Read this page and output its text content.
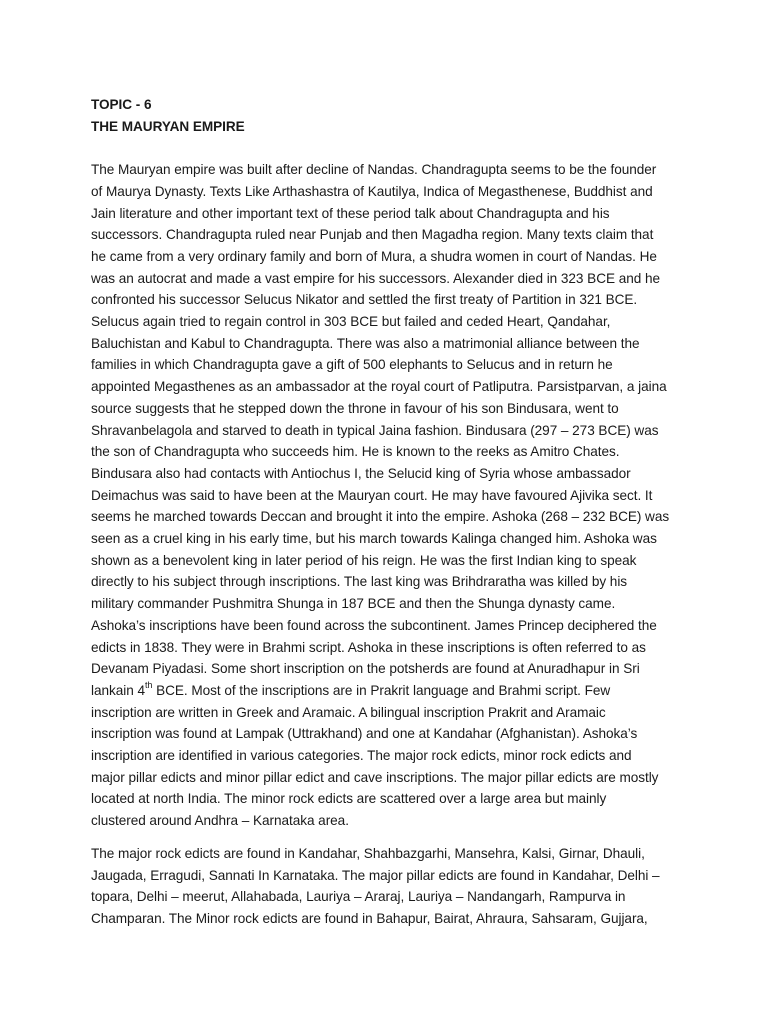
TOPIC - 6

THE MAURYAN EMPIRE

The Mauryan empire was built after decline of Nandas. Chandragupta seems to be the founder
of Maurya Dynasty. Texts Like Arthashastra of Kautilya, Indica of Megasthenese, Buddhist and
Jain literature and other important text of these period talk about Chandragupta and his
successors. Chandragupta ruled near Punjab and then Magadha region. Many texts claim that
he came from a very ordinary family and born of Mura, a shudra women in court of Nandas. He
was an autocrat and made a vast empire for his successors. Alexander died in 323 BCE and he
confronted his successor Selucus Nikator and settled the first treaty of Partition in 321 BCE.
Selucus again tried to regain control in 303 BCE but failed and ceded Heart, Qandahar,
Baluchistan and Kabul to Chandragupta. There was also a matrimonial alliance between the
families in which Chandragupta gave a gift of 500 elephants to Selucus and in return he
appointed Megasthenes as an ambassador at the royal court of Patliputra. Parsistparvan, a jaina
source suggests that he stepped down the throne in favour of his son Bindusara, went to
Shravanbelagola and starved to death in typical Jaina fashion. Bindusara (297 – 273 BCE) was
the son of Chandragupta who succeeds him. He is known to the reeks as Amitro Chates.
Bindusara also had contacts with Antiochus I, the Selucid king of Syria whose ambassador
Deimachus was said to have been at the Mauryan court. He may have favoured Ajivika sect. It
seems he marched towards Deccan and brought it into the empire. Ashoka (268 – 232 BCE) was
seen as a cruel king in his early time, but his march towards Kalinga changed him. Ashoka was
shown as a benevolent king in later period of his reign. He was the first Indian king to speak
directly to his subject through inscriptions. The last king was Brihdraratha was killed by his
military commander Pushmitra Shunga in 187 BCE and then the Shunga dynasty came.
Ashoka’s inscriptions have been found across the subcontinent. James Princep deciphered the
edicts in 1838. They were in Brahmi script. Ashoka in these inscriptions is often referred to as
Devanam Piyadasi. Some short inscription on the potsherds are found at Anuradhapur in Sri
lankain 4th BCE. Most of the inscriptions are in Prakrit language and Brahmi script. Few
inscription are written in Greek and Aramaic. A bilingual inscription Prakrit and Aramaic
inscription was found at Lampak (Uttrakhand) and one at Kandahar (Afghanistan). Ashoka’s
inscription are identified in various categories. The major rock edicts, minor rock edicts and
major pillar edicts and minor pillar edict and cave inscriptions. The major pillar edicts are mostly
located at north India. The minor rock edicts are scattered over a large area but mainly
clustered around Andhra – Karnataka area.
The major rock edicts are found in Kandahar, Shahbazgarhi, Mansehra, Kalsi, Girnar, Dhauli,
Jaugada, Erragudi, Sannati In Karnataka. The major pillar edicts are found in Kandahar, Delhi –
topara, Delhi – meerut, Allahabada, Lauriya – Araraj, Lauriya – Nandangarh, Rampurva in
Champaran. The Minor rock edicts are found in Bahapur, Bairat, Ahraura, Sahsaram, Gujjara,
